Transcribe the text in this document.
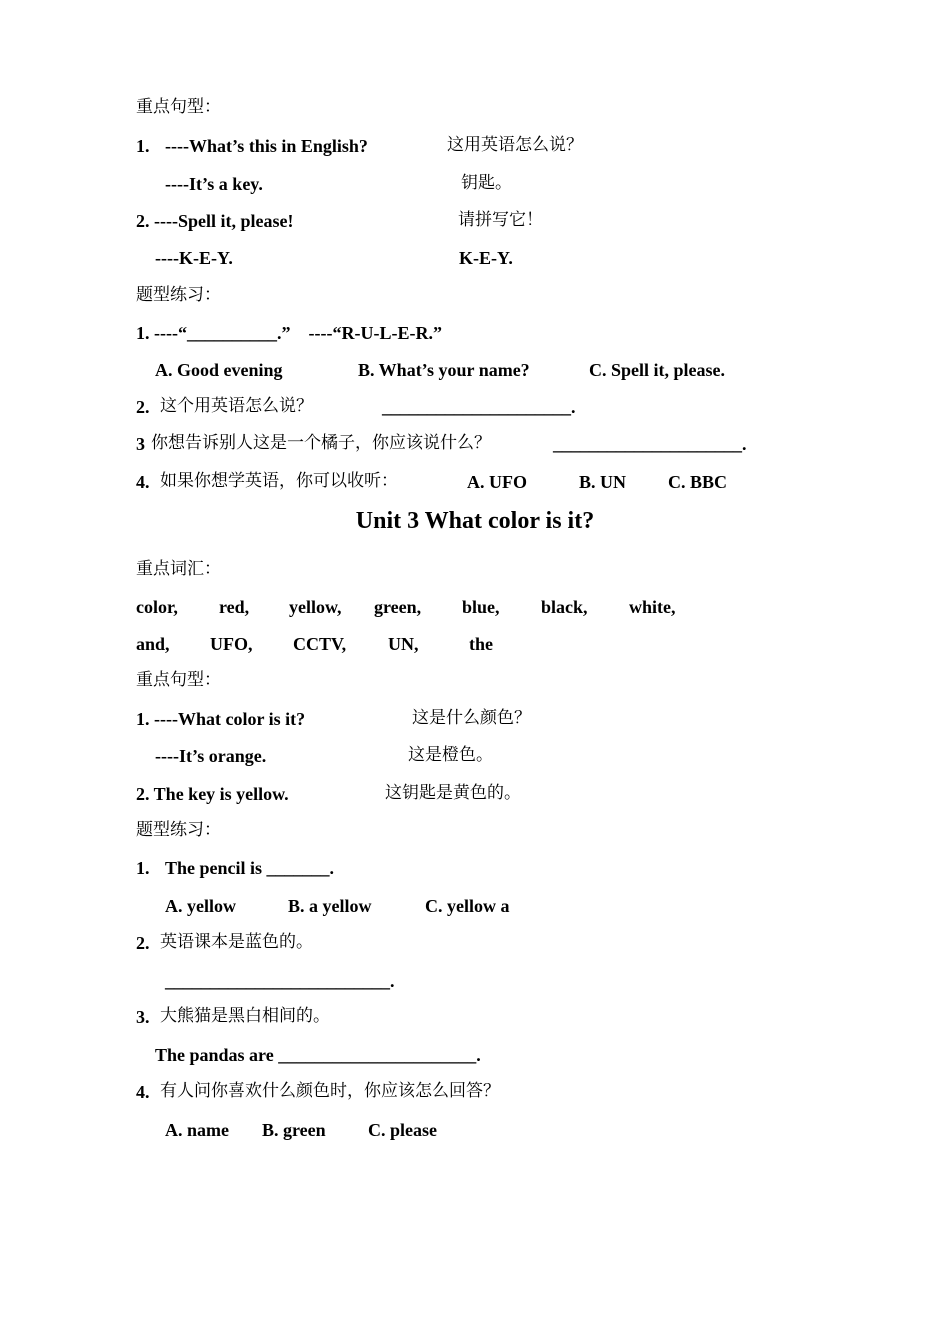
重点句型：
1. ----What’s this in English?	这用英语怎么说？
----It’s a key.	钥匙。
2. ----Spell it, please!	请拼写它！
----K-E-Y.	K-E-Y.
题型练习：
1. ----“__________.”    ----“R-U-L-E-R.”
A. Good evening	B. What’s your name?	C. Spell it, please.
2. 这个用英语怎么说？	_____________________.
3 你想告诉别人这是一个橘子，你应该说什么？	_____________________.
4. 如果你想学英语，你可以收听：	A. UFO	B. UN C. BBC
Unit 3 What color is it?
重点词汇：
color, red, yellow, green, blue, black, white,
and, UFO, CCTV, UN,	the
重点句型：
1. ----What color is it?	这是什么颜色？
----It’s orange.	这是橙色。
2. The key is yellow.	这钥匙是黄色的。
题型练习：
1. The pencil is _______.
A. yellow	B. a yellow	C. yellow a
2. 英语课本是蓝色的。
_________________________.
3. 大熊猫是黑白相间的。
The pandas are ______________________.
4. 有人问你喜欢什么颜色时，你应该怎么回答？
A. name B. green C. please
